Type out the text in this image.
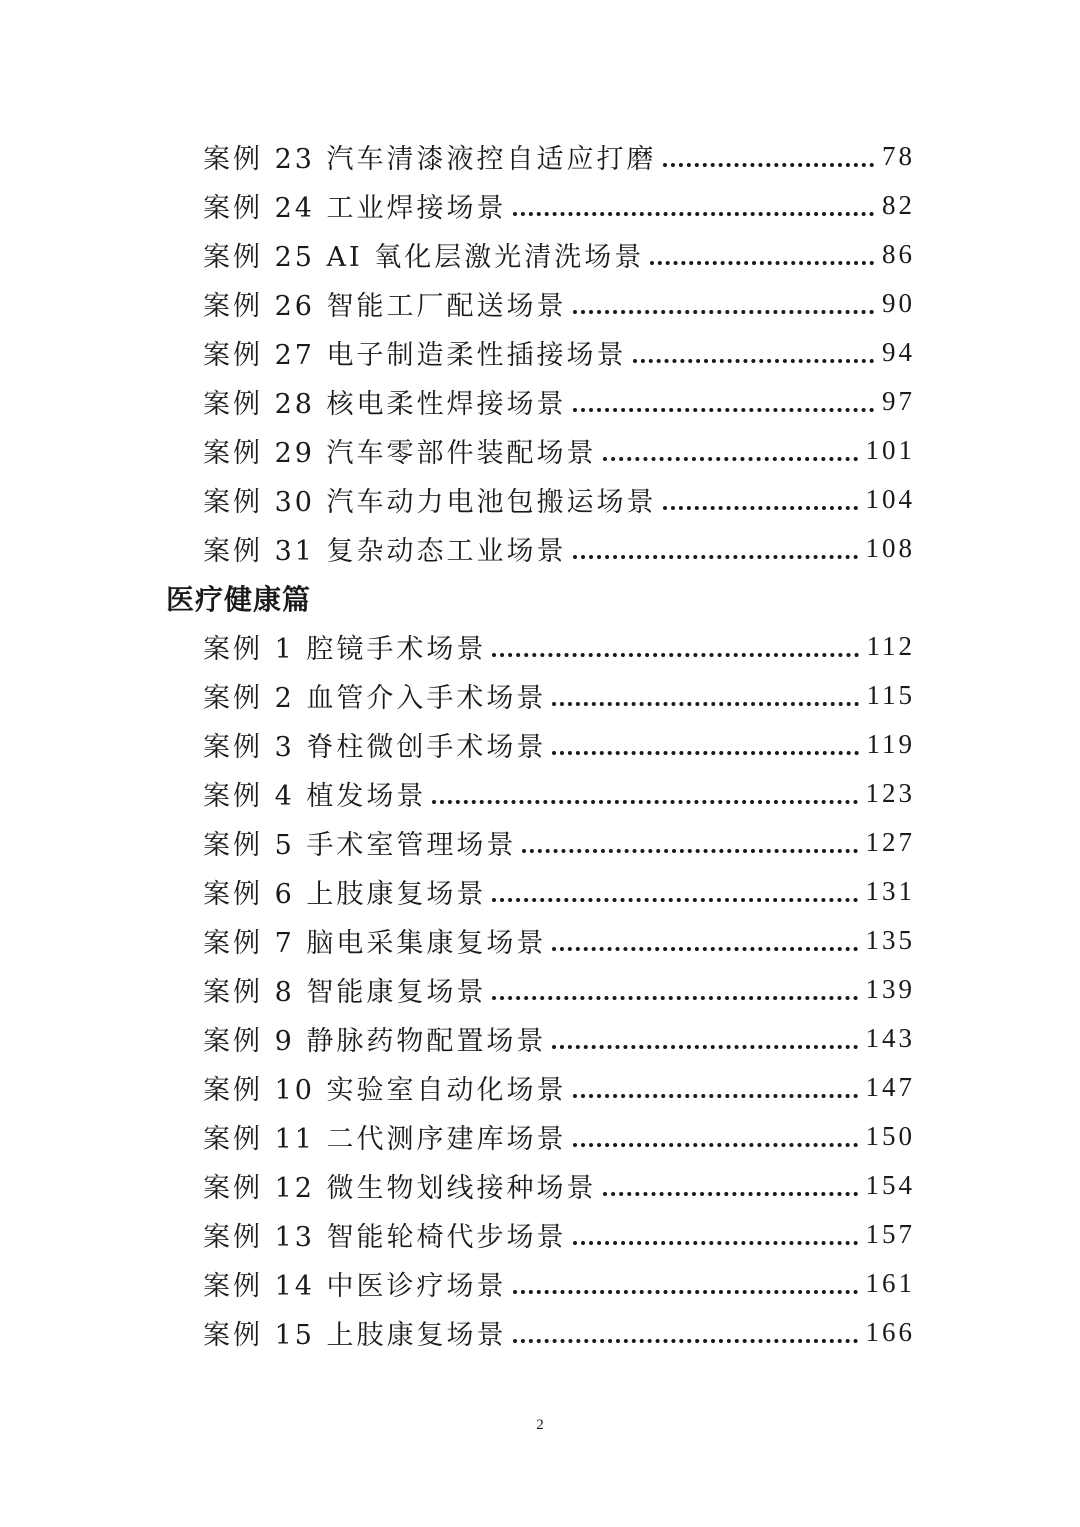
案例 23 汽车清漆液控自适应打磨	78
案例 24 工业焊接场景	82
案例 25 AI 氧化层激光清洗场景	86
案例 26 智能工厂配送场景	90
案例 27 电子制造柔性插接场景	94
案例 28 核电柔性焊接场景	97
案例 29 汽车零部件装配场景	101
案例 30 汽车动力电池包搬运场景	104
案例 31 复杂动态工业场景	108
医疗健康篇
案例 1 腔镜手术场景	112
案例 2 血管介入手术场景	115
案例 3 脊柱微创手术场景	119
案例 4 植发场景	123
案例 5 手术室管理场景	127
案例 6 上肢康复场景	131
案例 7 脑电采集康复场景	135
案例 8 智能康复场景	139
案例 9 静脉药物配置场景	143
案例 10 实验室自动化场景	147
案例 11 二代测序建库场景	150
案例 12 微生物划线接种场景	154
案例 13 智能轮椅代步场景	157
案例 14 中医诊疗场景	161
案例 15 上肢康复场景	166
2
